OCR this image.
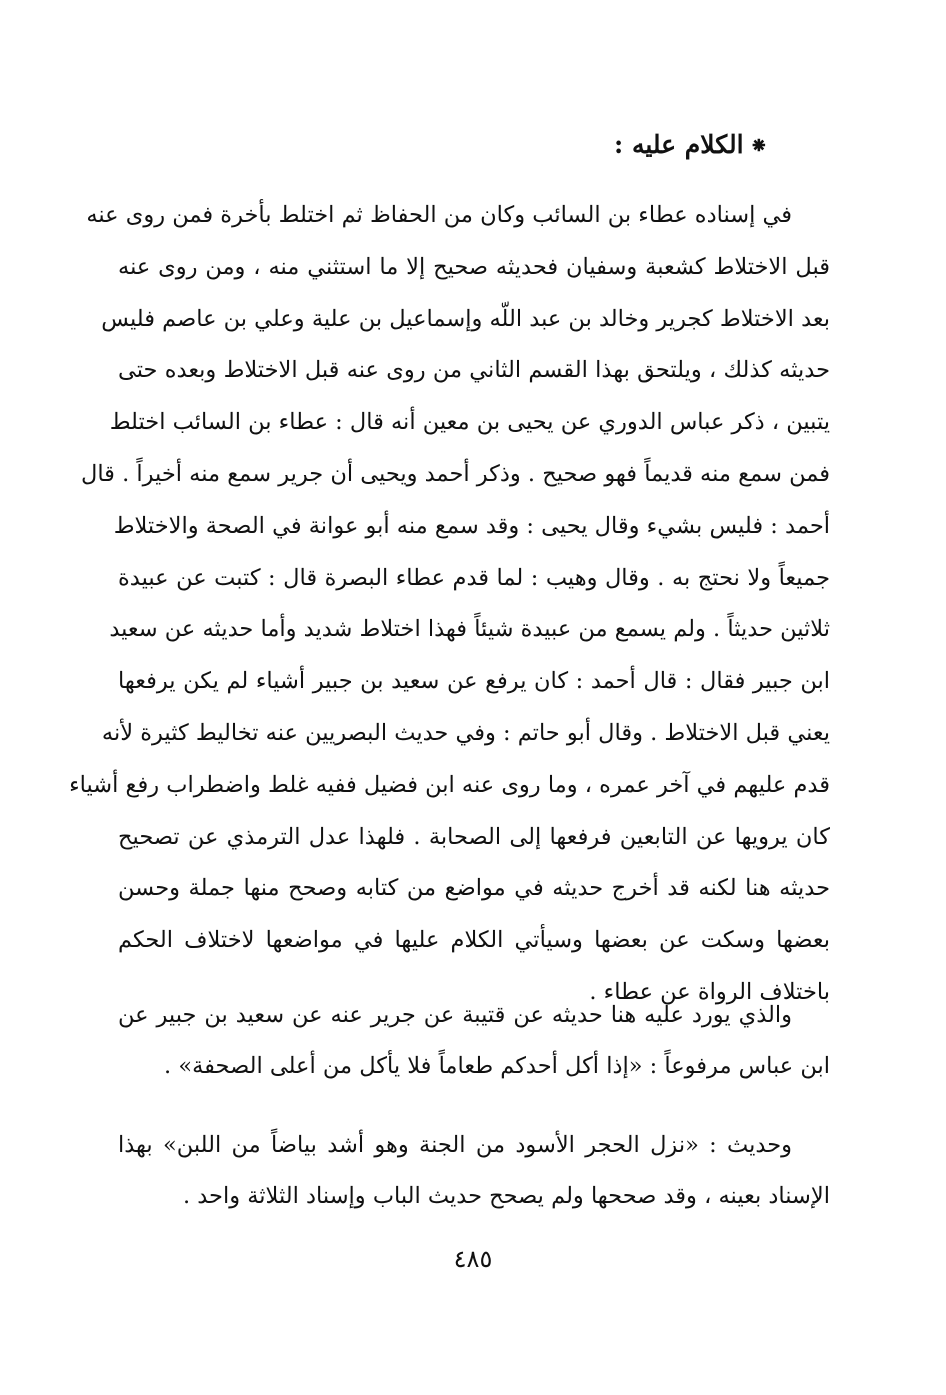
⁕الكلام عليه :
في إسناده عطاء بن السائب وكان من الحفاظ ثم اختلط بأخرة فمن روى عنه
قبل الاختلاط كشعبة وسفيان فحديثه صحيح إلا ما استثني منه ، ومن روى عنه
بعد الاختلاط كجرير وخالد بن عبد اللّه وإسماعيل بن علية وعلي بن عاصم فليس
حديثه كذلك ، ويلتحق بهذا القسم الثاني من روى عنه قبل الاختلاط وبعده حتى
يتبين ، ذكر عباس الدوري عن يحيى بن معين أنه قال : عطاء بن السائب اختلط
فمن سمع منه قديماً فهو صحيح . وذكر أحمد ويحيى أن جرير سمع منه أخيراً . قال
أحمد : فليس بشيء وقال يحيى : وقد سمع منه أبو عوانة في الصحة والاختلاط
جميعاً ولا نحتج به . وقال وهيب : لما قدم عطاء البصرة قال : كتبت عن عبيدة
ثلاثين حديثاً . ولم يسمع من عبيدة شيئاً فهذا اختلاط شديد وأما حديثه عن سعيد
ابن جبير فقال : قال أحمد : كان يرفع عن سعيد بن جبير أشياء لم يكن يرفعها
يعني قبل الاختلاط . وقال أبو حاتم : وفي حديث البصريين عنه تخاليط كثيرة لأنه
قدم عليهم في آخر عمره ، وما روى عنه ابن فضيل ففيه غلط واضطراب رفع أشياء
كان يرويها عن التابعين فرفعها إلى الصحابة . فلهذا عدل الترمذي عن تصحيح
حديثه هنا لكنه قد أخرج حديثه في مواضع من كتابه وصحح منها جملة وحسن
بعضها وسكت عن بعضها وسيأتي الكلام عليها في مواضعها لاختلاف الحكم
باختلاف الرواة عن عطاء .
والذي يورد عليه هنا حديثه عن قتيبة عن جرير عنه عن سعيد بن جبير عن
ابن عباس مرفوعاً : «إذا أكل أحدكم طعاماً فلا يأكل من أعلى الصحفة» .
وحديث : «نزل الحجر الأسود من الجنة وهو أشد بياضاً من اللبن» بهذا
الإسناد بعينه ، وقد صححها ولم يصحح حديث الباب وإسناد الثلاثة واحد .
٤٨٥
